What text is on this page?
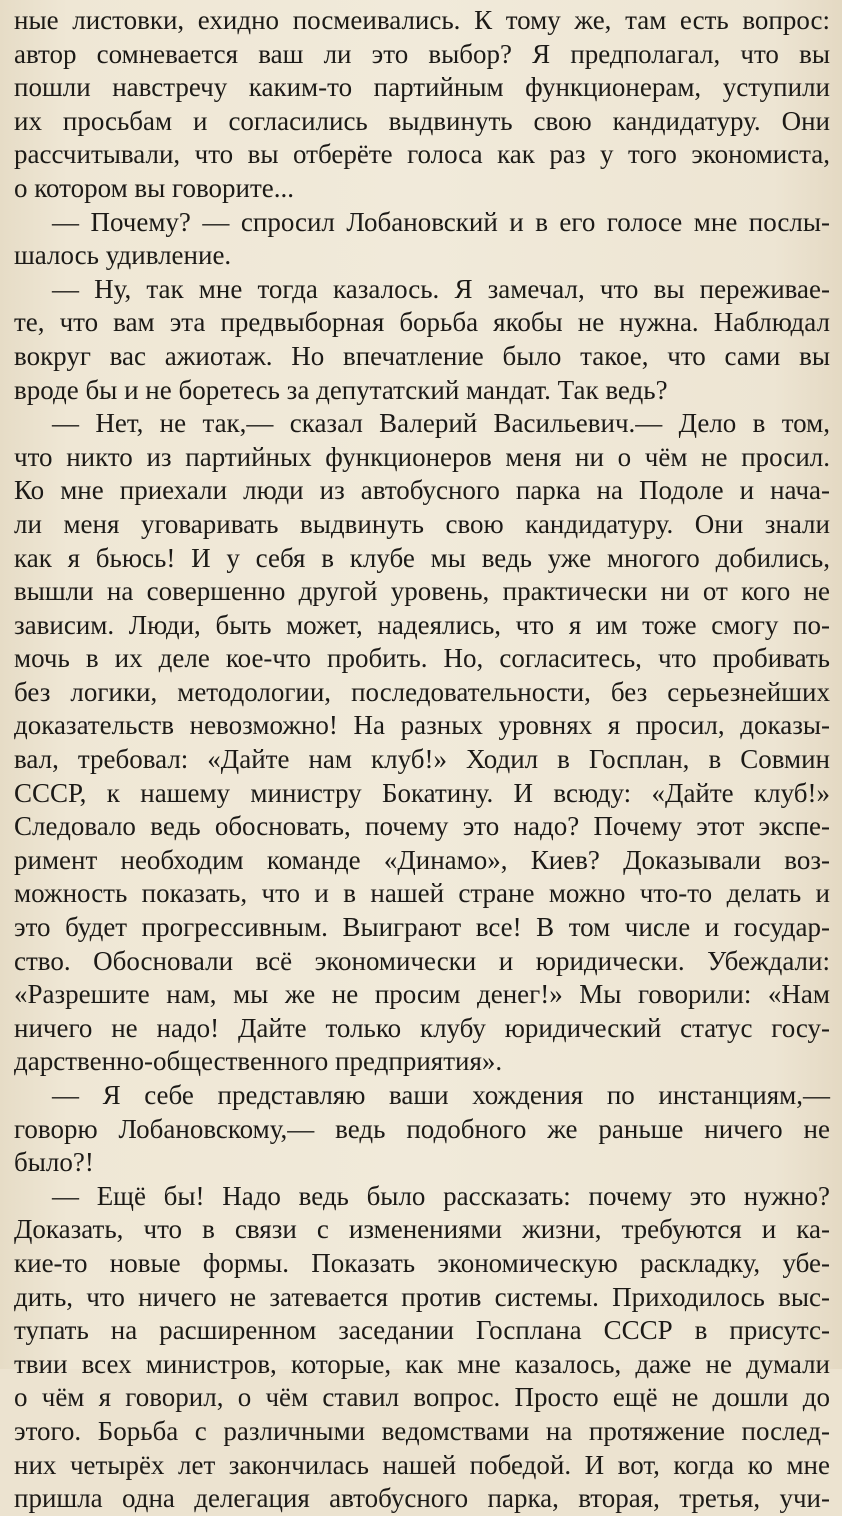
ные листовки, ехидно посмеивались. К тому же, там есть вопрос:
автор сомневается ваш ли это выбор? Я предполагал, что вы
пошли навстречу каким-то партийным функционерам, уступили
их просьбам и согласились выдвинуть свою кандидатуру. Они
рассчитывали, что вы отберёте голоса как раз у того экономиста,
о котором вы говорите...
— Почему? — спросил Лобановский и в его голосе мне послы-
шалось удивление.
— Ну, так мне тогда казалось. Я замечал, что вы переживае-
те, что вам эта предвыборная борьба якобы не нужна. Наблюдал
вокруг вас ажиотаж. Но впечатление было такое, что сами вы
вроде бы и не боретесь за депутатский мандат. Так ведь?
— Нет, не так,— сказал Валерий Васильевич.— Дело в том,
что никто из партийных функционеров меня ни о чём не просил.
Ко мне приехали люди из автобусного парка на Подоле и нача-
ли меня уговаривать выдвинуть свою кандидатуру. Они знали
как я бьюсь! И у себя в клубе мы ведь уже многого добились,
вышли на совершенно другой уровень, практически ни от кого не
зависим. Люди, быть может, надеялись, что я им тоже смогу по-
мочь в их деле кое-что пробить. Но, согласитесь, что пробивать
без логики, методологии, последовательности, без серьезнейших
доказательств невозможно! На разных уровнях я просил, доказы-
вал, требовал: «Дайте нам клуб!» Ходил в Госплан, в Совмин
СССР, к нашему министру Бокатину. И всюду: «Дайте клуб!»
Следовало ведь обосновать, почему это надо? Почему этот экспе-
римент необходим команде «Динамо», Киев? Доказывали воз-
можность показать, что и в нашей стране можно что-то делать и
это будет прогрессивным. Выиграют все! В том числе и государ-
ство. Обосновали всё экономически и юридически. Убеждали:
«Разрешите нам, мы же не просим денег!» Мы говорили: «Нам
ничего не надо! Дайте только клубу юридический статус госу-
дарственно-общественного предприятия».
— Я себе представляю ваши хождения по инстанциям,—
говорю Лобановскому,— ведь подобного же раньше ничего не
было?!
— Ещё бы! Надо ведь было рассказать: почему это нужно?
Доказать, что в связи с изменениями жизни, требуются и ка-
кие-то новые формы. Показать экономическую раскладку, убе-
дить, что ничего не затевается против системы. Приходилось выс-
тупать на расширенном заседании Госплана СССР в присутс-
твии всех министров, которые, как мне казалось, даже не думали
о чём я говорил, о чём ставил вопрос. Просто ещё не дошли до
этого. Борьба с различными ведомствами на протяжение послед-
них четырёх лет закончилась нашей победой. И вот, когда ко мне
пришла одна делегация автобусного парка, вторая, третья, учи-
